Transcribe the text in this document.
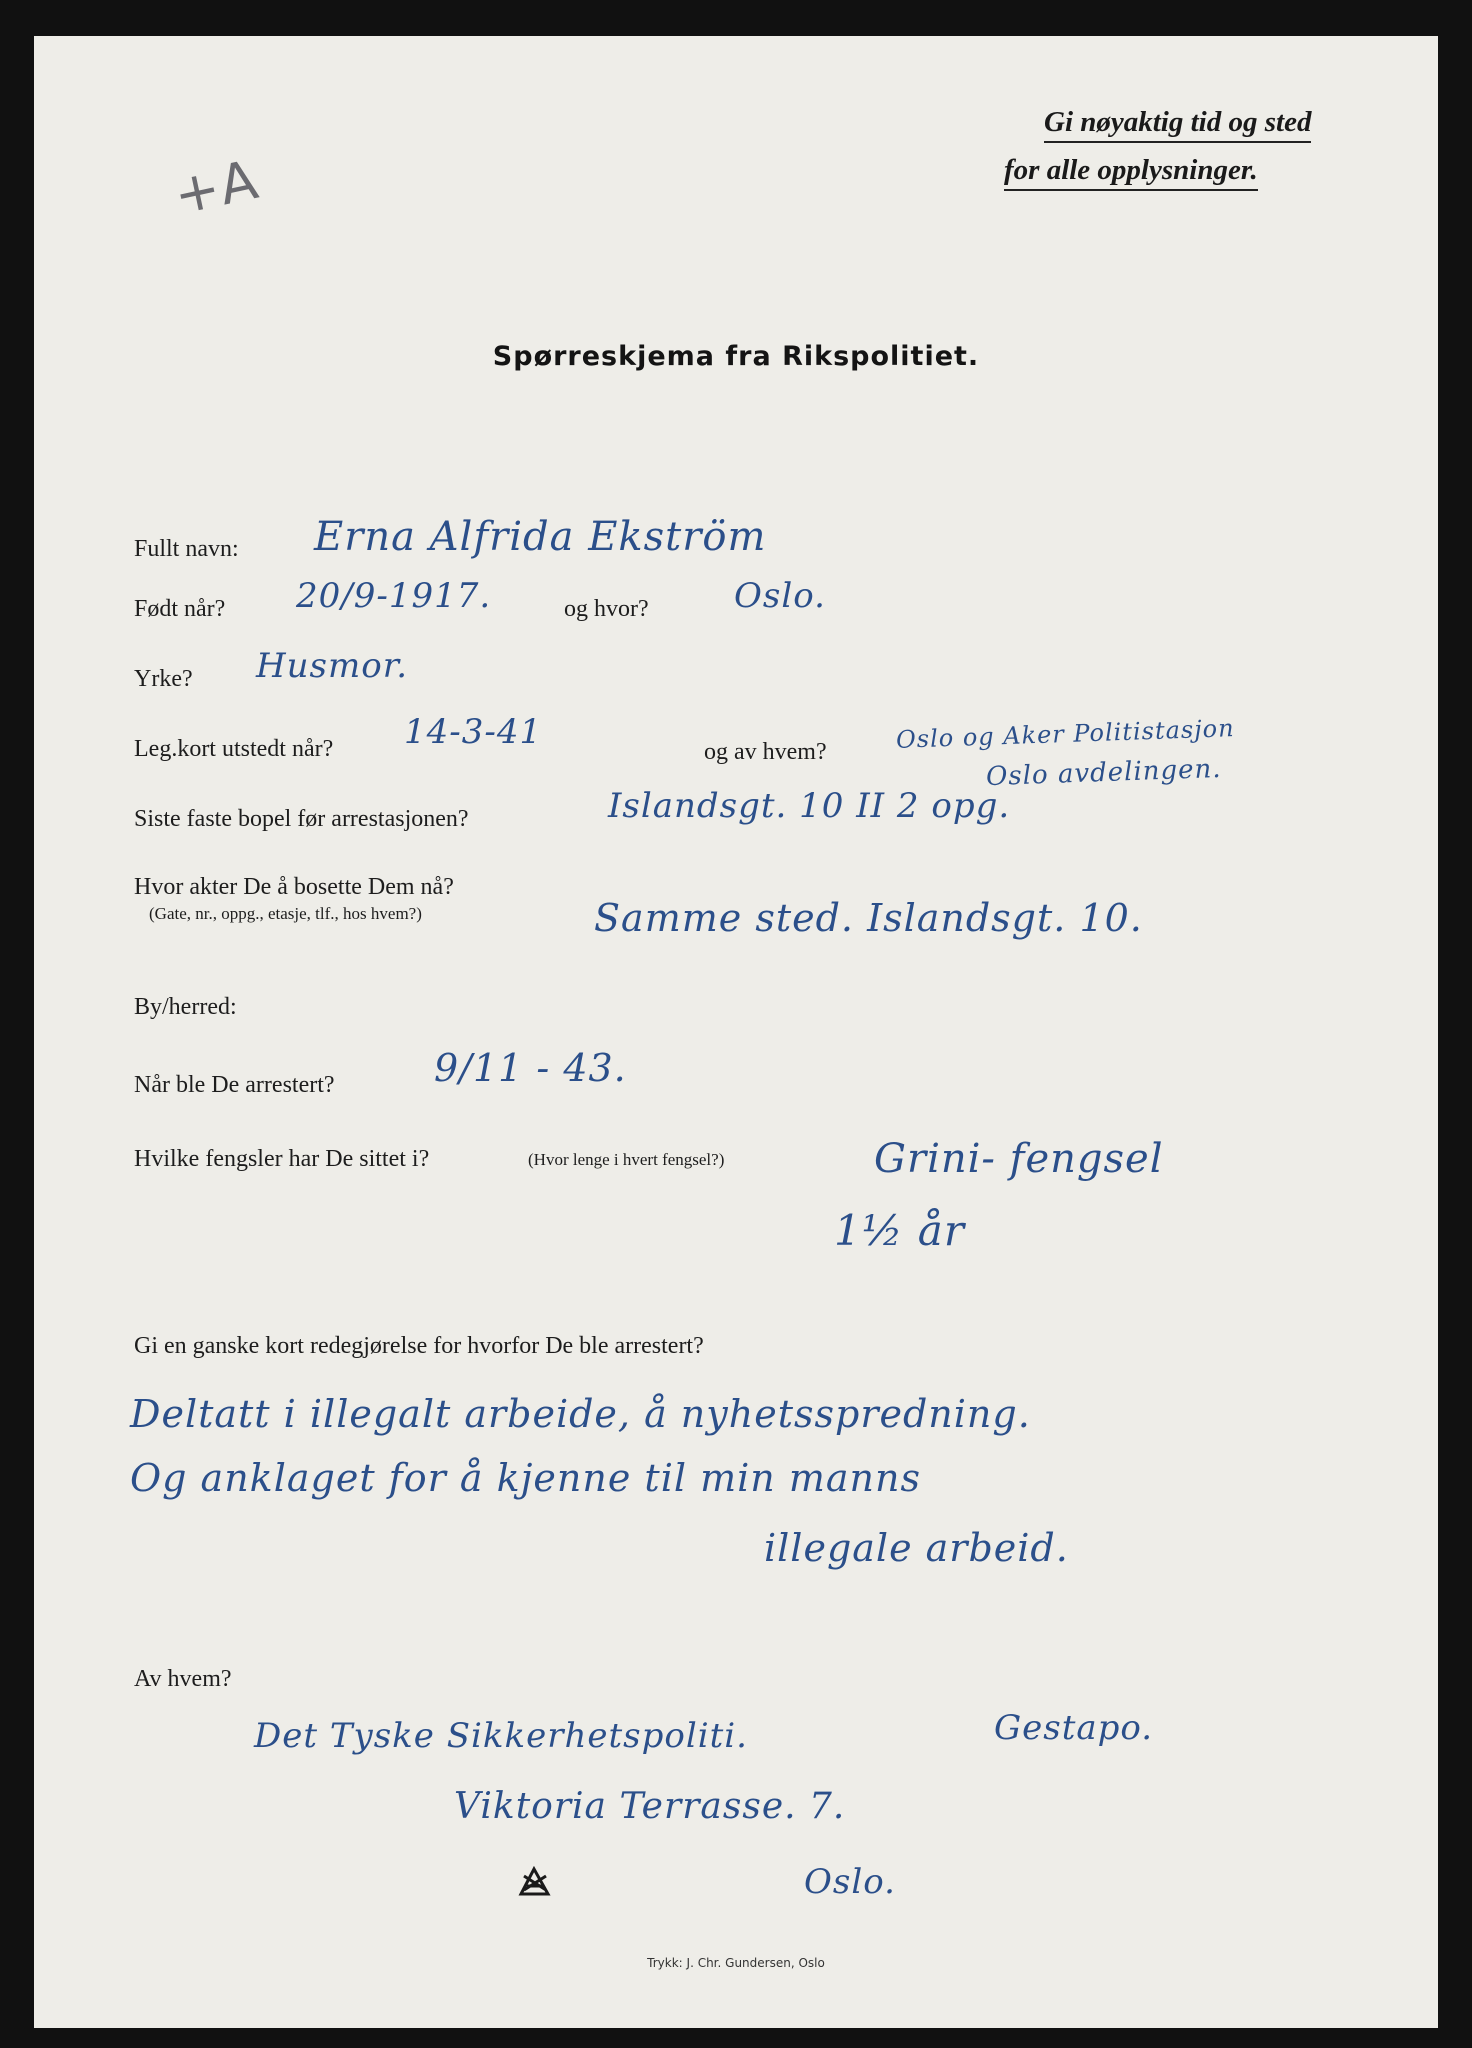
Gi nøyaktig tid og sted
for alle opplysninger.
+A
Spørreskjema fra Rikspolitiet.
Fullt navn: Erna Alfrida Ekström
Født når? 20/9-1917.	og hvor?	Oslo.
Yrke? Husmor.
Leg.kort utstedt når? 14-3-41	og av hvem?	Oslo og Aker Politistasjon
Oslo avdelingen.
Siste faste bopel før arrestasjonen?	Islandsgt. 10 II 2 opg.
Hvor akter De å bosette Dem nå?
(Gate, nr., oppg., etasje, tlf., hos hvem?)	Samme sted. Islandsgt. 10.
By/herred:
Når ble De arrestert?	9/11 - 43.
Hvilke fengsler har De sittet i?	(Hvor lenge i hvert fengsel?)	Grini- fengsel
1½ år
Gi en ganske kort redegjørelse for hvorfor De ble arrestert?
Deltatt i illegalt arbeide, å nyhetsspredning.
Og anklaget for å kjenne til min manns
illegale arbeid.
Av hvem?
Det Tyske Sikkerhetspoliti.	Gestapo.
Viktoria Terrasse. 7.
Oslo.
Trykk: J. Chr. Gundersen, Oslo
